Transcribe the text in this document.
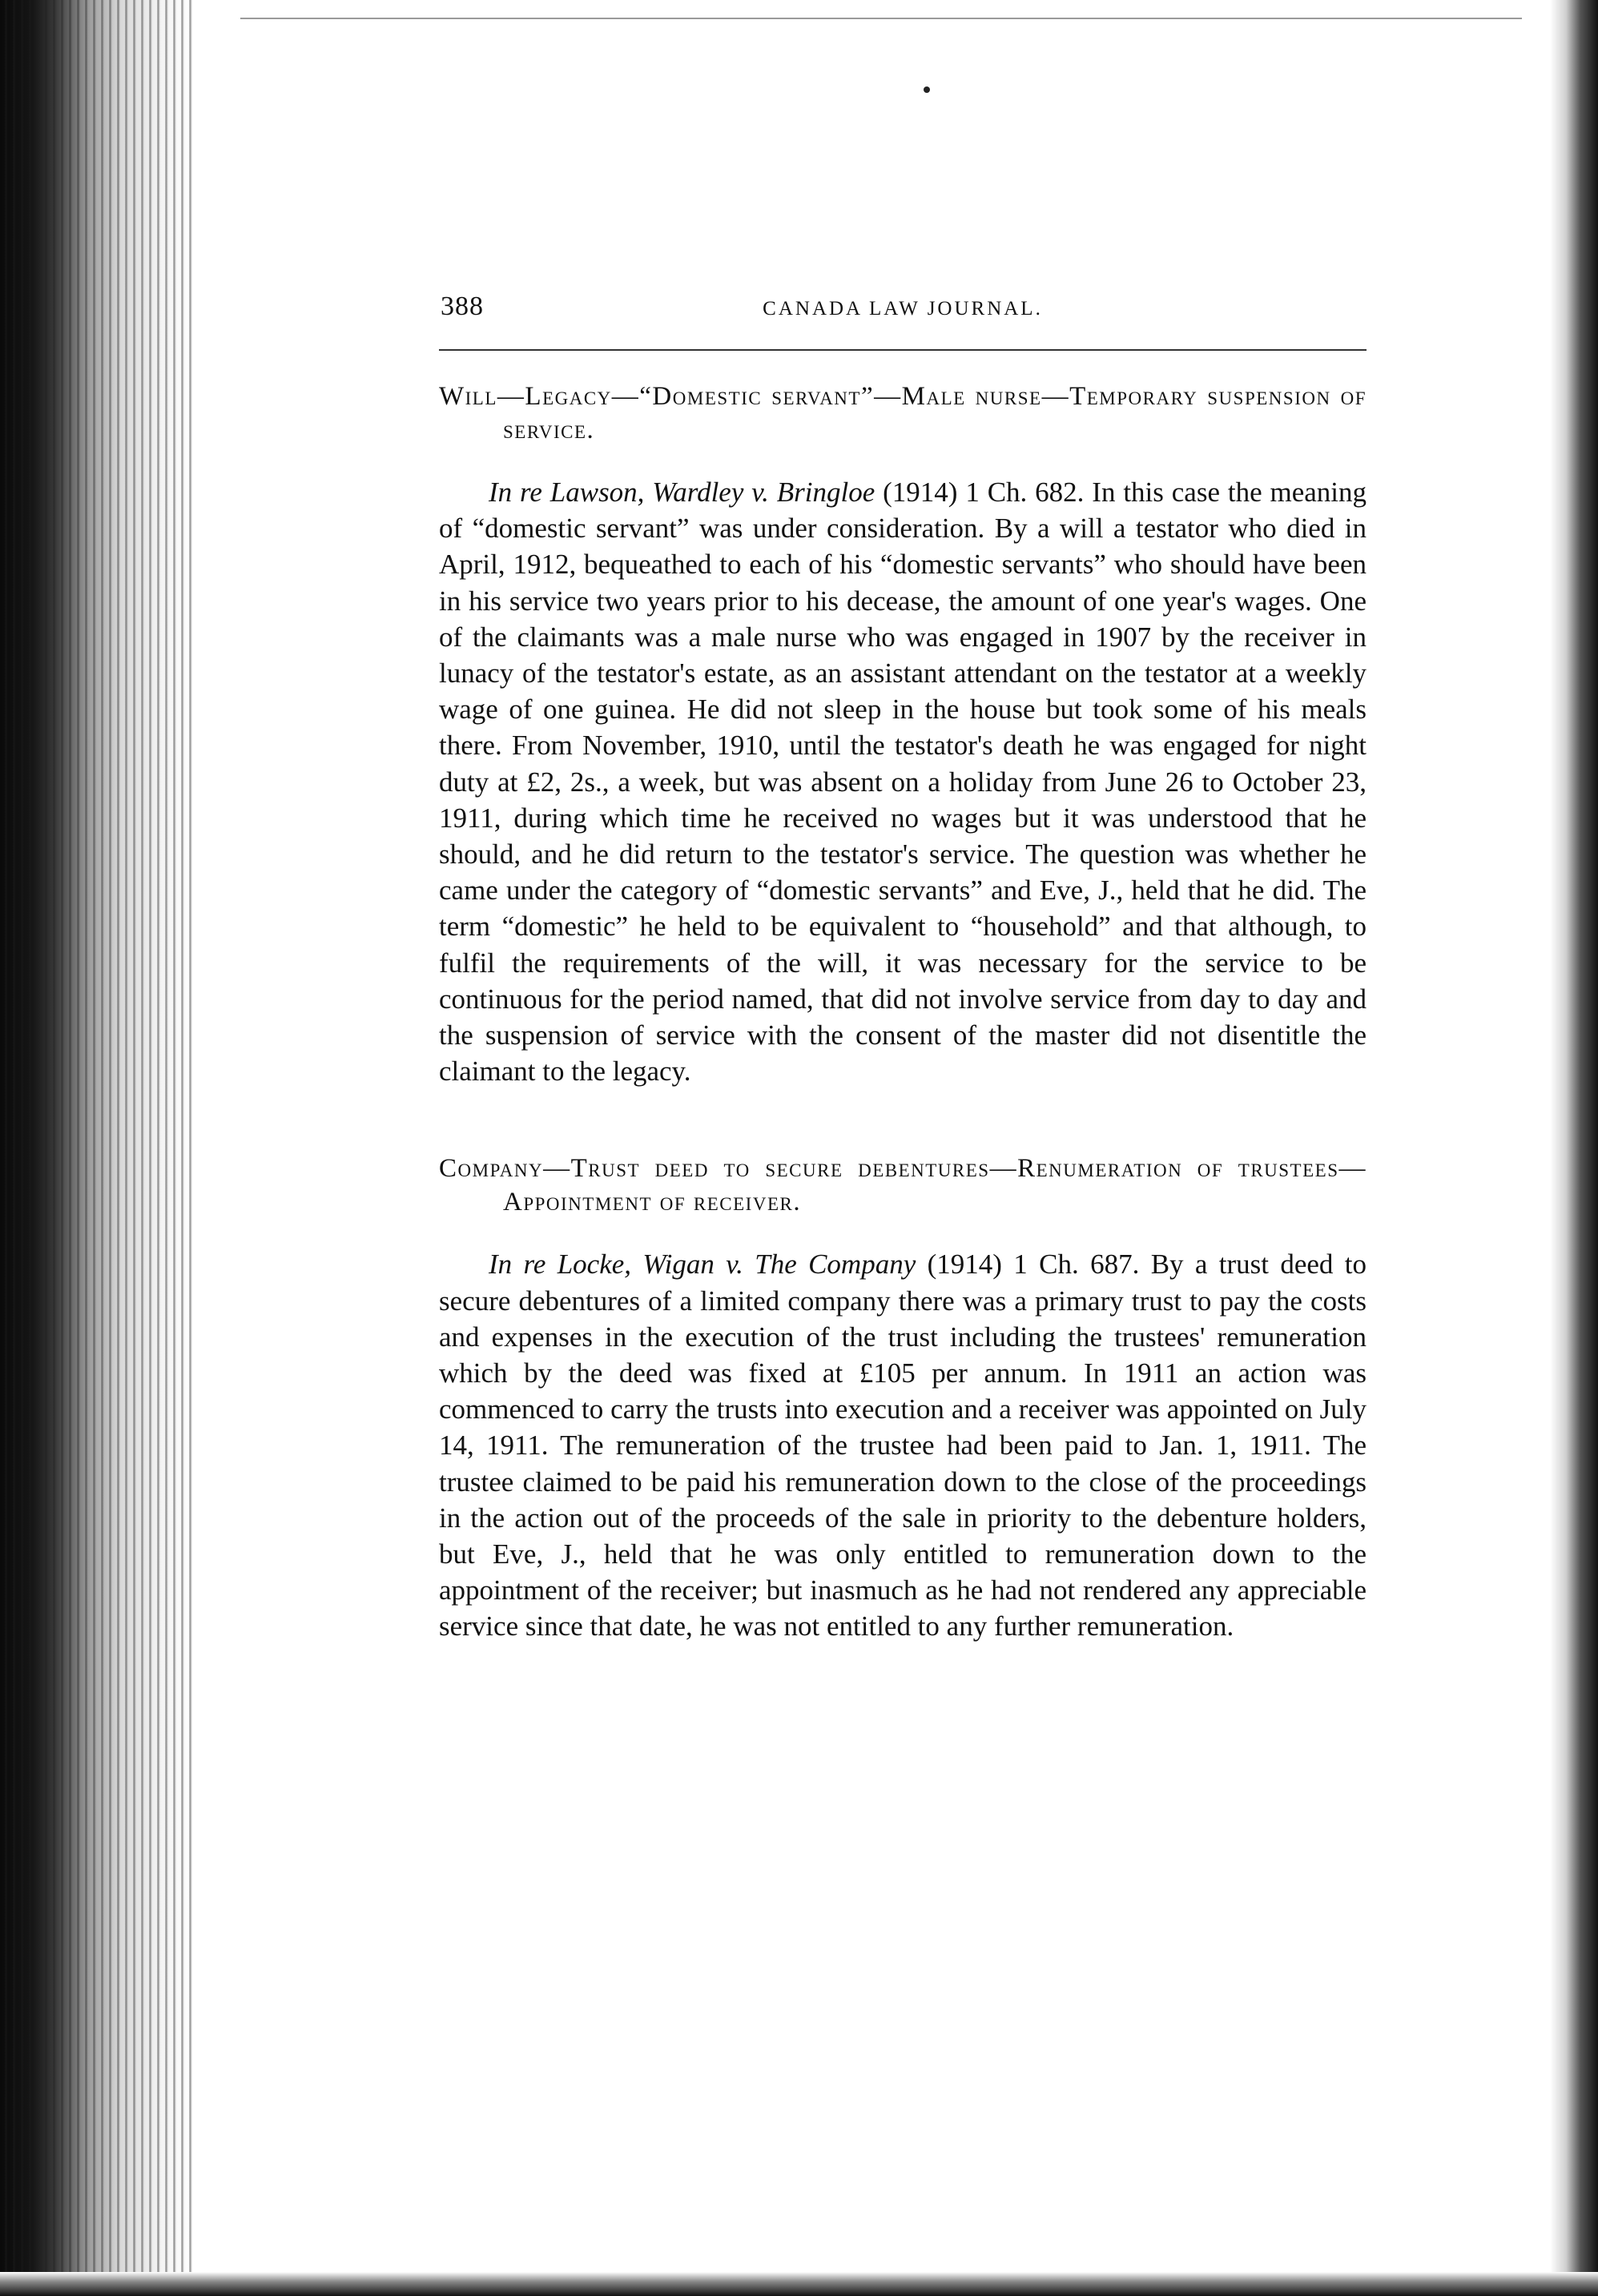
388	CANADA LAW JOURNAL.

Will—Legacy—“Domestic servant”—Male nurse—Temporary suspension of service.

In re Lawson, Wardley v. Bringloe (1914) 1 Ch. 682. In this case the meaning of “domestic servant” was under consideration. By a will a testator who died in April, 1912, bequeathed to each of his “domestic servants” who should have been in his service two years prior to his decease, the amount of one year's wages. One of the claimants was a male nurse who was engaged in 1907 by the receiver in lunacy of the testator's estate, as an assistant attendant on the testator at a weekly wage of one guinea. He did not sleep in the house but took some of his meals there. From November, 1910, until the testator's death he was engaged for night duty at £2, 2s., a week, but was absent on a holiday from June 26 to October 23, 1911, during which time he received no wages but it was understood that he should, and he did return to the testator's service. The question was whether he came under the category of “domestic servants” and Eve, J., held that he did. The term “domestic” he held to be equivalent to “household” and that although, to fulfil the requirements of the will, it was necessary for the service to be continuous for the period named, that did not involve service from day to day and the suspension of service with the consent of the master did not disentitle the claimant to the legacy.

Company—Trust deed to secure debentures—Renumeration of trustees—Appointment of receiver.

In re Locke, Wigan v. The Company (1914) 1 Ch. 687. By a trust deed to secure debentures of a limited company there was a primary trust to pay the costs and expenses in the execution of the trust including the trustees' remuneration which by the deed was fixed at £105 per annum. In 1911 an action was commenced to carry the trusts into execution and a receiver was appointed on July 14, 1911. The remuneration of the trustee had been paid to Jan. 1, 1911. The trustee claimed to be paid his remuneration down to the close of the proceedings in the action out of the proceeds of the sale in priority to the debenture holders, but Eve, J., held that he was only entitled to remuneration down to the appointment of the receiver; but inasmuch as he had not rendered any appreciable service since that date, he was not entitled to any further remuneration.
